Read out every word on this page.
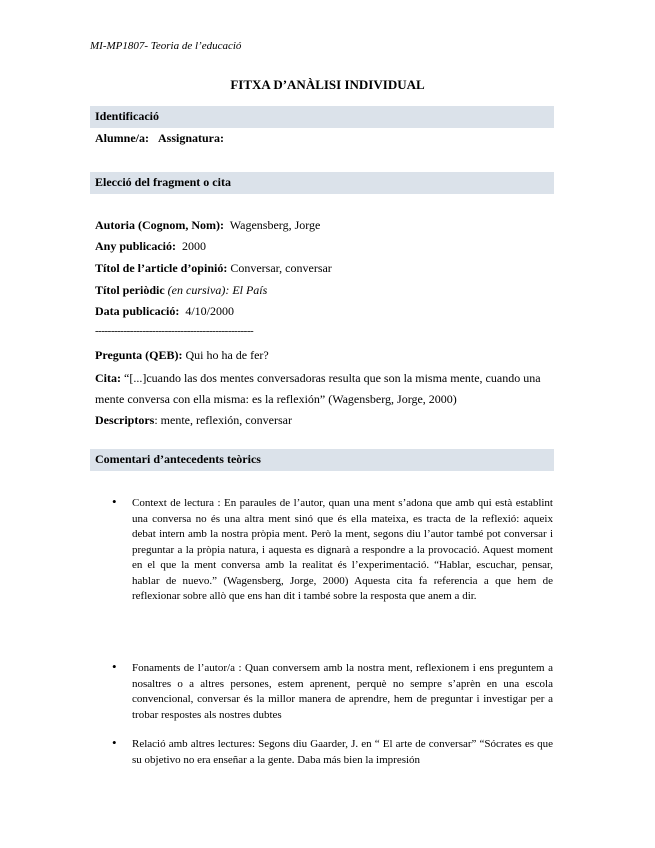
MI-MP1807- Teoria de l’educació
FITXA D’ANÀLISI INDIVIDUAL
Identificació
Alumne/a: Assignatura:
Elecció del fragment o cita
Autoria (Cognom, Nom): Wagensberg, Jorge
Any publicació: 2000
Títol de l’article d’opinió: Conversar, conversar
Títol periòdic (en cursiva): El País
Data publicació: 4/10/2000
--------------------------------------------------
Pregunta (QEB): Qui ho ha de fer?
Cita: “[...]cuando las dos mentes conversadoras resulta que son la misma mente, cuando una mente conversa con ella misma: es la reflexión” (Wagensberg, Jorge, 2000)
Descriptors: mente, reflexión, conversar
Comentari d’antecedents teòrics
• Context de lectura : En paraules de l’autor, quan una ment s’adona que amb qui està establint una conversa no és una altra ment sinó que és ella mateixa, es tracta de la reflexió: aqueix debat intern amb la nostra pròpia ment. Però la ment, segons diu l’autor també pot conversar i preguntar a la pròpia natura, i aquesta es dignarà a respondre a la provocació. Aquest moment en el que la ment conversa amb la realitat és l’experimentació. “Hablar, escuchar, pensar, hablar de nuevo.” (Wagensberg, Jorge, 2000) Aquesta cita fa referencia a que hem de reflexionar sobre allò que ens han dit i també sobre la resposta que anem a dir.
• Fonaments de l’autor/a : Quan conversem amb la nostra ment, reflexionem i ens preguntem a nosaltres o a altres persones, estem aprenent, perquè no sempre s’aprèn en una escola convencional, conversar és la millor manera de aprendre, hem de preguntar i investigar per a trobar respostes als nostres dubtes
• Relació amb altres lectures: Segons diu Gaarder, J. en “ El arte de conversar” “Sócrates es que su objetivo no era enseñar a la gente. Daba más bien la impresión
